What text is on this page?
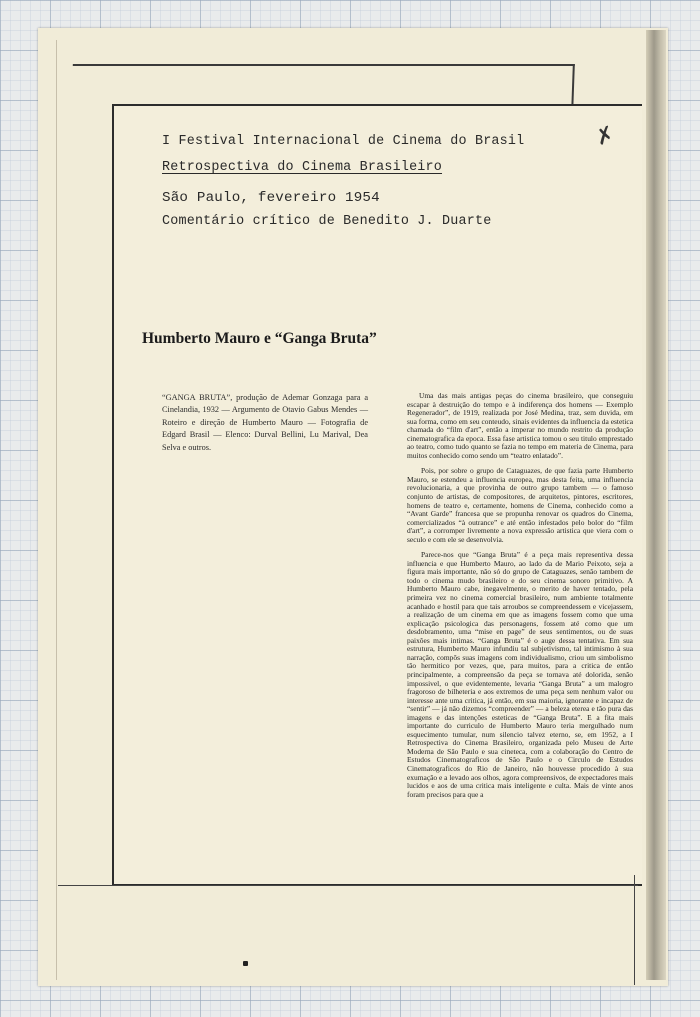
I Festival Internacional de Cinema do Brasil
Retrospectiva do Cinema Brasileiro
São Paulo, fevereiro 1954
Comentário crítico de Benedito J. Duarte
✗
Humberto Mauro e “Ganga Bruta”
“GANGA BRUTA”, produção de Ademar Gonzaga para a Cinelandia, 1932 — Argumento de Otavio Gabus Mendes — Roteiro e direção de Humberto Mauro — Fotografia de Edgard Brasil — Elenco: Durval Bellini, Lu Marival, Dea Selva e outros.

Uma das mais antigas peças do cinema brasileiro, que conseguiu escapar à destruição do tempo e à indiferença dos homens — Exemplo Regenerador”, de 1919, realizada por José Medina, traz, sem duvida, em sua forma, como em seu conteudo, sinais evidentes da influencia da estetica chamada do “film d'art”, então a imperar no mundo restrito da produção cinematografica da epoca. Essa fase artistica tomou o seu titulo emprestado ao teatro, como tudo quanto se fazia no tempo em materia de Cinema, para muitos conhecido como sendo um “teatro enlatado”.

Pois, por sobre o grupo de Cataguazes, de que fazia parte Humberto Mauro, se estendeu a influencia europea, mas desta feita, uma influencia revolucionaria, a que provinha de outro grupo tambem — o famoso conjunto de artistas, de compositores, de arquitetos, pintores, escritores, homens de teatro e, certamente, homens de Cinema, conhecido como a “Avant Garde” francesa que se propunha renovar os quadros do Cinema, comercializados “à outrance” e até então infestados pelo bolor do “film d'art”, a corromper livremente a nova expressão artistica que viera com o seculo e com ele se desenvolvia.

Parece-nos que “Ganga Bruta” é a peça mais representiva dessa influencia e que Humberto Mauro, ao lado da de Mario Peixoto, seja a figura mais importante, não só do grupo de Cataguazes, senão tambem de todo o cinema mudo brasileiro e do seu cinema sonoro primitivo. A Humberto Mauro cabe, inegavelmente, o merito de haver tentado, pela primeira vez no cinema comercial brasileiro, num ambiente totalmente acanhado e hostil para que tais arroubos se compreendessem e vicejassem, a realização de um cinema em que as imagens fossem como que uma explicação psicologica das personagens, fossem até como que um desdobramento, uma “mise en page” de seus sentimentos, ou de suas paixões mais intimas. “Ganga Bruta” é o auge dessa tentativa. Em sua estrutura, Humberto Mauro infundiu tal subjetivismo, tal intimismo à sua narração, compôs suas imagens com individualismo, criou um simbolismo tão hermitico por vezes, que, para muitos, para a critica de então principalmente, a compreensão da peça se tornava até dolorida, senão impossivel, o que evidentemente, levaria “Ganga Bruta” a um malogro fragoroso de bilheteria e aos extremos de uma peça sem nenhum valor ou interesse ante uma critica, já então, em sua maioria, ignorante e incapaz de “sentir” — já não dizemos “compreender” — a beleza eterea e tão pura das imagens e das intenções esteticas de “Ganga Bruta”. E a fita mais importante do curriculo de Humberto Mauro teria mergulhado num esquecimento tumular, num silencio talvez eterno, se, em 1952, a I Retrospectiva do Cinema Brasileiro, organizada pelo Museu de Arte Moderna de São Paulo e sua cineteca, com a colaboração do Centro de Estudos Cinematograficos de São Paulo e o Circulo de Estudos Cinematograficos do Rio de Janeiro, não houvesse procedido à sua exumação e a levado aos olhos, agora compreensivos, de expectadores mais lucidos e aos de uma critica mais inteligente e culta. Mais de vinte anos foram precisos para que a
